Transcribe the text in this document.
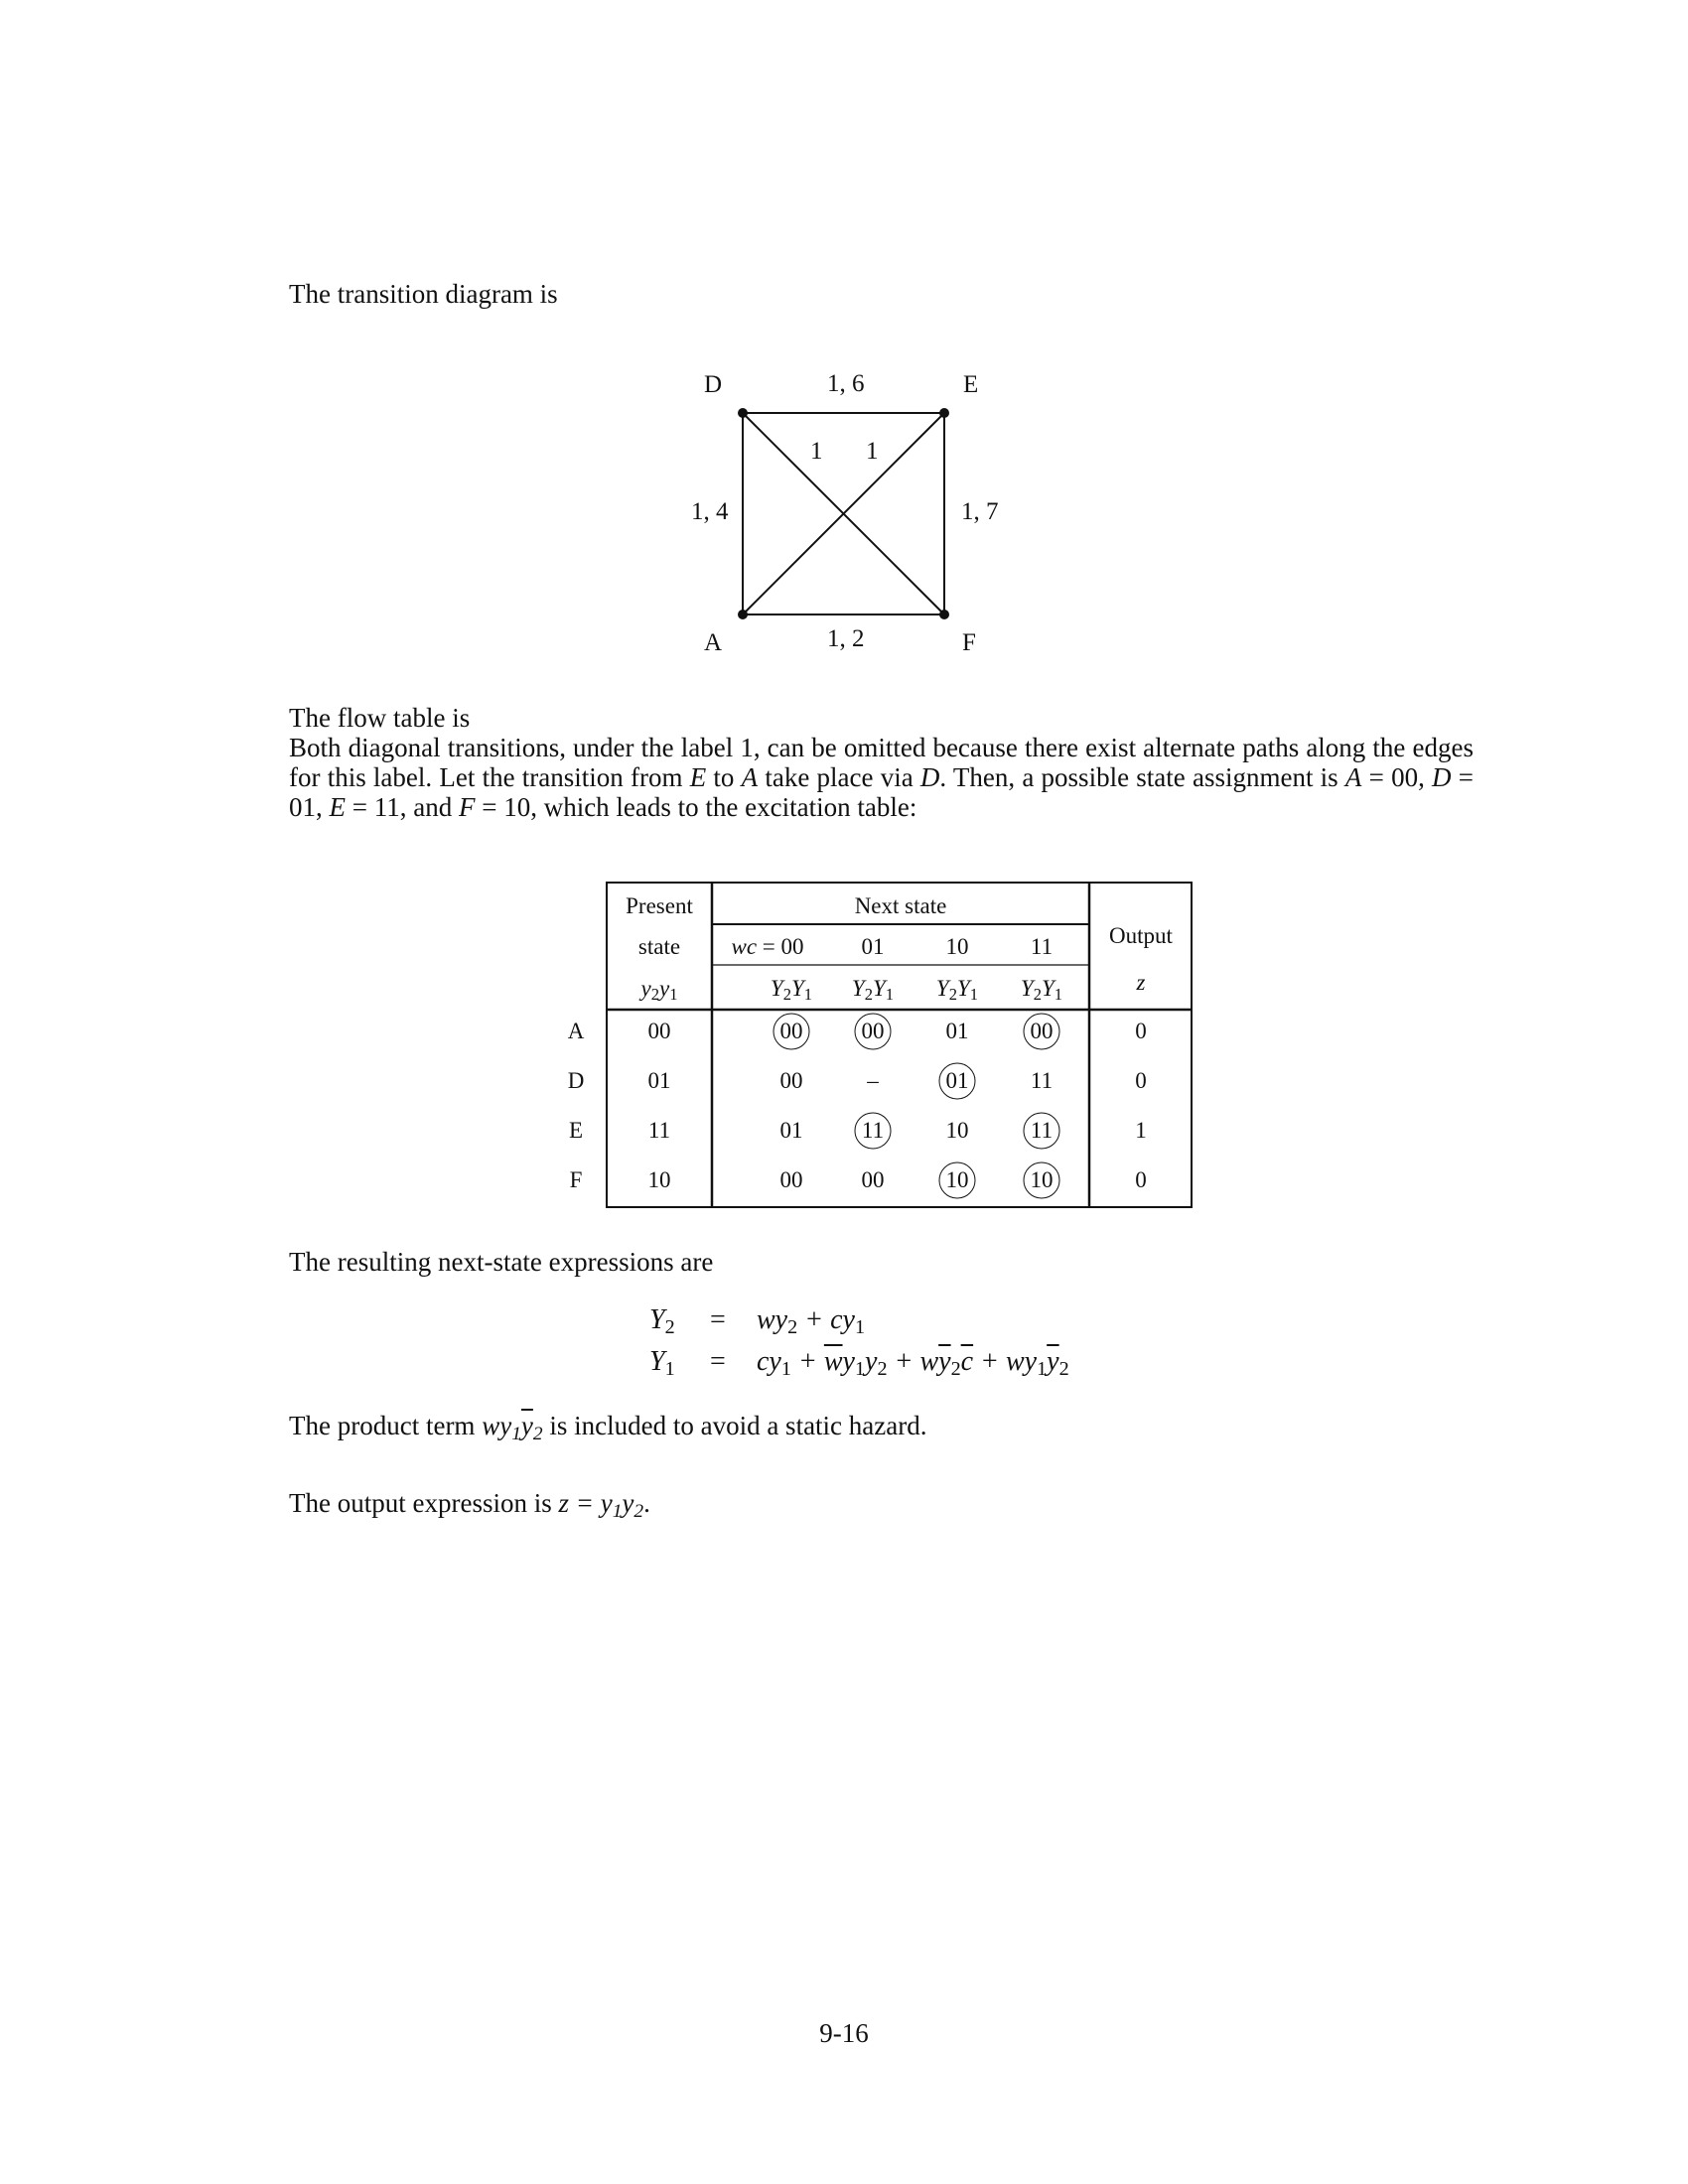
The transition diagram is
D	E
A	F
1, 6
1, 4	1, 7
1, 2
1 1
The flow table is
Both diagonal transitions, under the label 1, can be omitted because there exist alternate paths along the edges for this label. Let the transition from E to A take place via D. Then, a possible state assignment is A = 00, D = 01, E = 11, and F = 10, which leads to the excitation table:
Present
state
$y_2y_1$
Next state
Output
z
wc = 00	01	10	11
$Y_2Y_1$ $Y_2Y_1$ $Y_2Y_1$ $Y_2Y_1$
A	00	00	00	01	00	0
D	01	00	–	01	11	0
E	11	01	11	10	11	1
F	10	00	00	10	10	0
The resulting next-state expressions are
$Y_2 = wy_2 + cy_1$
$Y_1 = cy_1 + \overline{w}y_1y_2 + w\overline{y}_2\overline{c} + wy_1\overline{y}_2$
The product term $wy_1\overline{y}_2$ is included to avoid a static hazard.
The output expression is $z = y_1y_2$.
9-16
